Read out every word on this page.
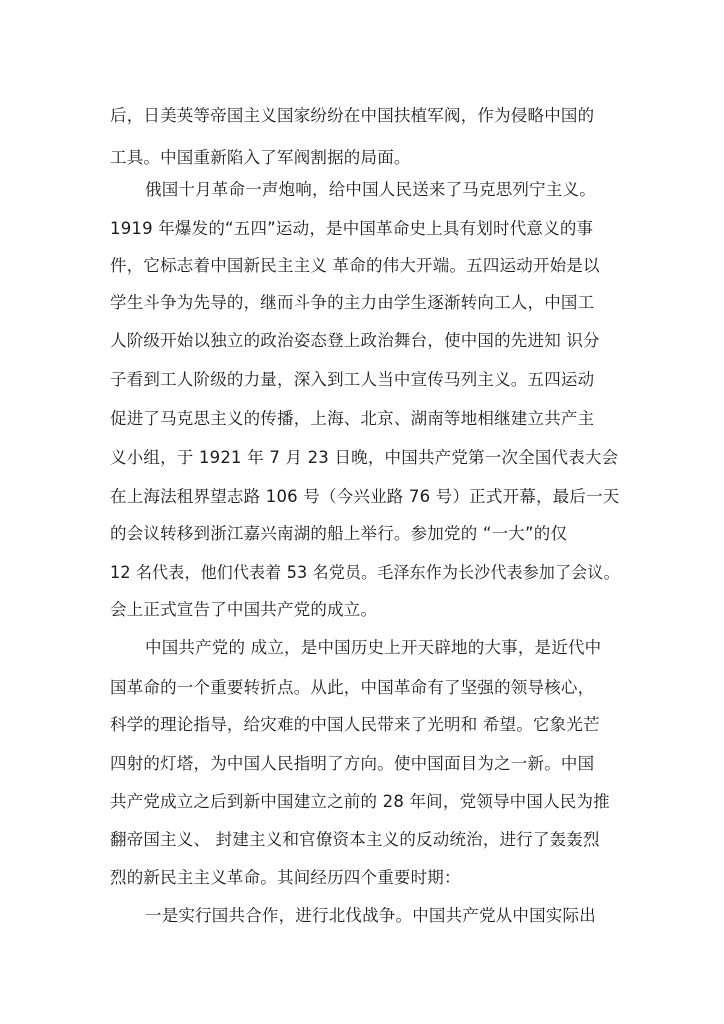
后，日美英等帝国主义国家纷纷在中国扶植军阀，作为侵略中国的

工具。中国重新陷入了军阀割据的局面。

俄国十月革命一声炮响，给中国人民送来了马克思列宁主义。

1919 年爆发的“五四”运动，是中国革命史上具有划时代意义的事

件，它标志着中国新民主主义 革命的伟大开端。五四运动开始是以

学生斗争为先导的，继而斗争的主力由学生逐渐转向工人，中国工

人阶级开始以独立的政治姿态登上政治舞台，使中国的先进知 识分

子看到工人阶级的力量，深入到工人当中宣传马列主义。五四运动

促进了马克思主义的传播，上海、北京、湖南等地相继建立共产主

义小组，于 1921 年 7 月 23 日晚，中国共产党第一次全国代表大会

在上海法租界望志路 106 号（今兴业路 76 号）正式开幕，最后一天

的会议转移到浙江嘉兴南湖的船上举行。参加党的 “一大”的仅

12 名代表，他们代表着 53 名党员。毛泽东作为长沙代表参加了会议。

会上正式宣告了中国共产党的成立。

中国共产党的 成立，是中国历史上开天辟地的大事，是近代中

国革命的一个重要转折点。从此，中国革命有了坚强的领导核心，

科学的理论指导，给灾难的中国人民带来了光明和 希望。它象光芒

四射的灯塔，为中国人民指明了方向。使中国面目为之一新。中国

共产党成立之后到新中国建立之前的 28 年间，党领导中国人民为推

翻帝国主义、 封建主义和官僚资本主义的反动统治，进行了轰轰烈

烈的新民主主义革命。其间经历四个重要时期：

一是实行国共合作，进行北伐战争。中国共产党从中国实际出
